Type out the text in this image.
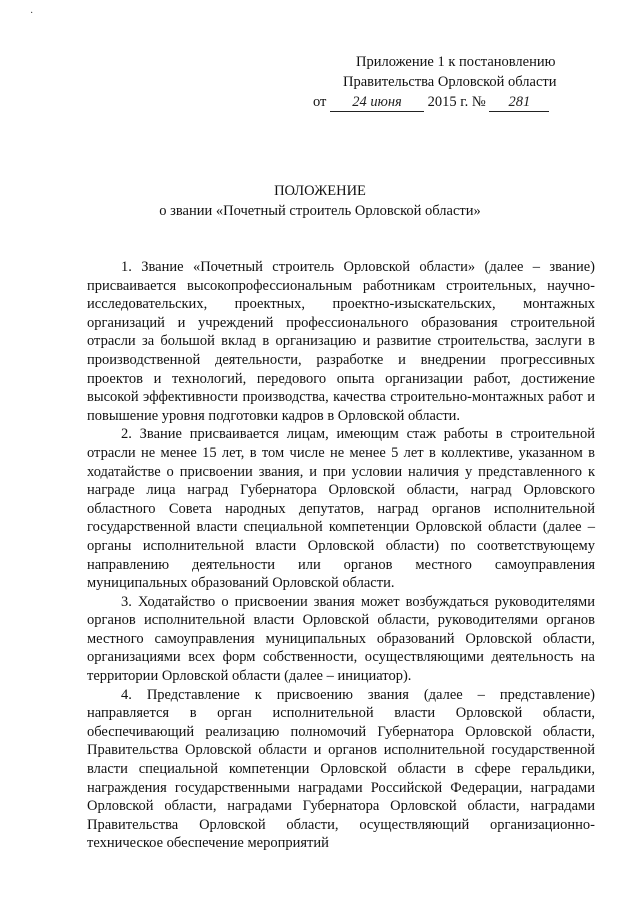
·
Приложение 1 к постановлению
Правительства Орловской области
от 24 июня 2015 г. № 281
ПОЛОЖЕНИЕ
о звании «Почетный строитель Орловской области»

1. Звание «Почетный строитель Орловской области» (далее – звание) присваивается высокопрофессиональным работникам строительных, научно-исследовательских, проектных, проектно-изыскательских, монтажных организаций и учреждений профессионального образования строительной отрасли за большой вклад в организацию и развитие строительства, заслуги в производственной деятельности, разработке и внедрении прогрессивных проектов и технологий, передового опыта организации работ, достижение высокой эффективности производства, качества строительно-монтажных работ и повышение уровня подготовки кадров в Орловской области.

2. Звание присваивается лицам, имеющим стаж работы в строительной отрасли не менее 15 лет, в том числе не менее 5 лет в коллективе, указанном в ходатайстве о присвоении звания, и при условии наличия у представленного к награде лица наград Губернатора Орловской области, наград Орловского областного Совета народных депутатов, наград органов исполнительной государственной власти специальной компетенции Орловской области (далее – органы исполнительной власти Орловской области) по соответствующему направлению деятельности или органов местного самоуправления муниципальных образований Орловской области.

3. Ходатайство о присвоении звания может возбуждаться руководителями органов исполнительной власти Орловской области, руководителями органов местного самоуправления муниципальных образований Орловской области, организациями всех форм собственности, осуществляющими деятельность на территории Орловской области (далее – инициатор).

4. Представление к присвоению звания (далее – представление) направляется в орган исполнительной власти Орловской области, обеспечивающий реализацию полномочий Губернатора Орловской области, Правительства Орловской области и органов исполнительной государственной власти специальной компетенции Орловской области в сфере геральдики, награждения государственными наградами Российской Федерации, наградами Орловской области, наградами Губернатора Орловской области, наградами Правительства Орловской области, осуществляющий организационно-техническое обеспечение мероприятий
